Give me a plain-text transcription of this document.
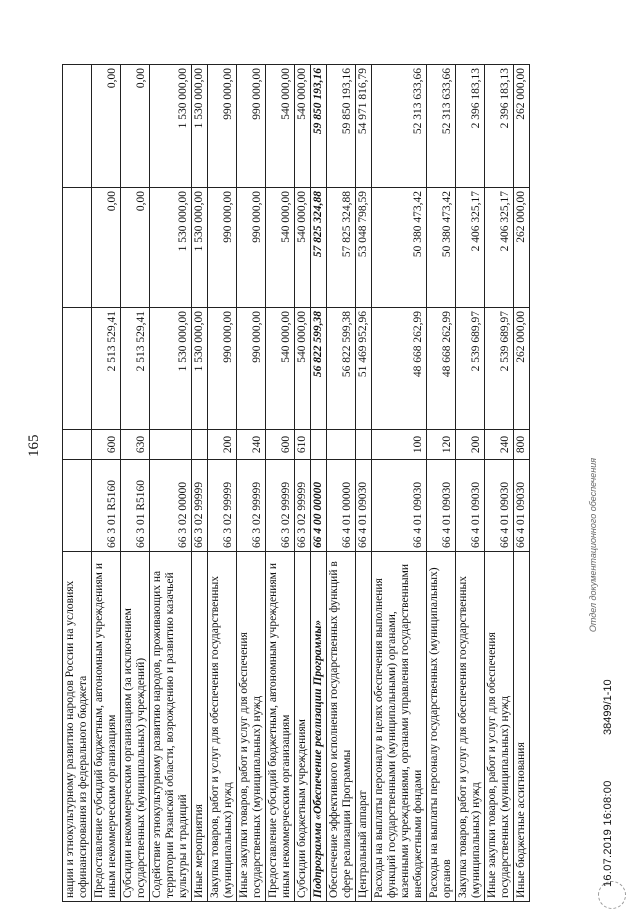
165
нации и этнокультурному развитию народов России на условиях софинансирования из федерального бюджета					
Предоставление субсидий бюджетным, автономным учреждениям и иным некоммерческим организациям	66 3 01 R5160	600	2 513 529,41	0,00	0,00
Субсидии некоммерческим организациям (за исключением государственных (муниципальных) учреждений)	66 3 01 R5160	630	2 513 529,41	0,00	0,00
Содействие этнокультурному развитию народов, проживающих на территории Рязанской области, возрождению и развитию казачьей культуры и традиций	66 3 02 00000		1 530 000,00	1 530 000,00	1 530 000,00
Иные мероприятия	66 3 02 99999		1 530 000,00	1 530 000,00	1 530 000,00
Закупка товаров, работ и услуг для обеспечения государственных (муниципальных) нужд	66 3 02 99999	200	990 000,00	990 000,00	990 000,00
Иные закупки товаров, работ и услуг для обеспечения государственных (муниципальных) нужд	66 3 02 99999	240	990 000,00	990 000,00	990 000,00
Предоставление субсидий бюджетным, автономным учреждениям и иным некоммерческим организациям	66 3 02 99999	600	540 000,00	540 000,00	540 000,00
Субсидии бюджетным учреждениям	66 3 02 99999	610	540 000,00	540 000,00	540 000,00
Подпрограмма «Обеспечение реализации Программы»	66 4 00 00000		56 822 599,38	57 825 324,88	59 850 193,16
Обеспечение эффективного исполнения государственных функций в сфере реализации Программы	66 4 01 00000		56 822 599,38	57 825 324,88	59 850 193,16
Центральный аппарат	66 4 01 09030		51 469 952,96	53 048 798,59	54 971 816,79
Расходы на выплаты персоналу в целях обеспечения выполнения функций государственными (муниципальными) органами, казенными учреждениями, органами управления государственными внебюджетными фондами	66 4 01 09030	100	48 668 262,99	50 380 473,42	52 313 633,66
Расходы на выплаты персоналу государственных (муниципальных) органов	66 4 01 09030	120	48 668 262,99	50 380 473,42	52 313 633,66
Закупка товаров, работ и услуг для обеспечения государственных (муниципальных) нужд	66 4 01 09030	200	2 539 689,97	2 406 325,17	2 396 183,13
Иные закупки товаров, работ и услуг для обеспечения государственных (муниципальных) нужд	66 4 01 09030	240	2 539 689,97	2 406 325,17	2 396 183,13
Иные бюджетные ассигнования	66 4 01 09030	800	262 000,00	262 000,00	262 000,00
16.07.2019 16:08:00
38499/1-10
Отдел документационного обеспечения
